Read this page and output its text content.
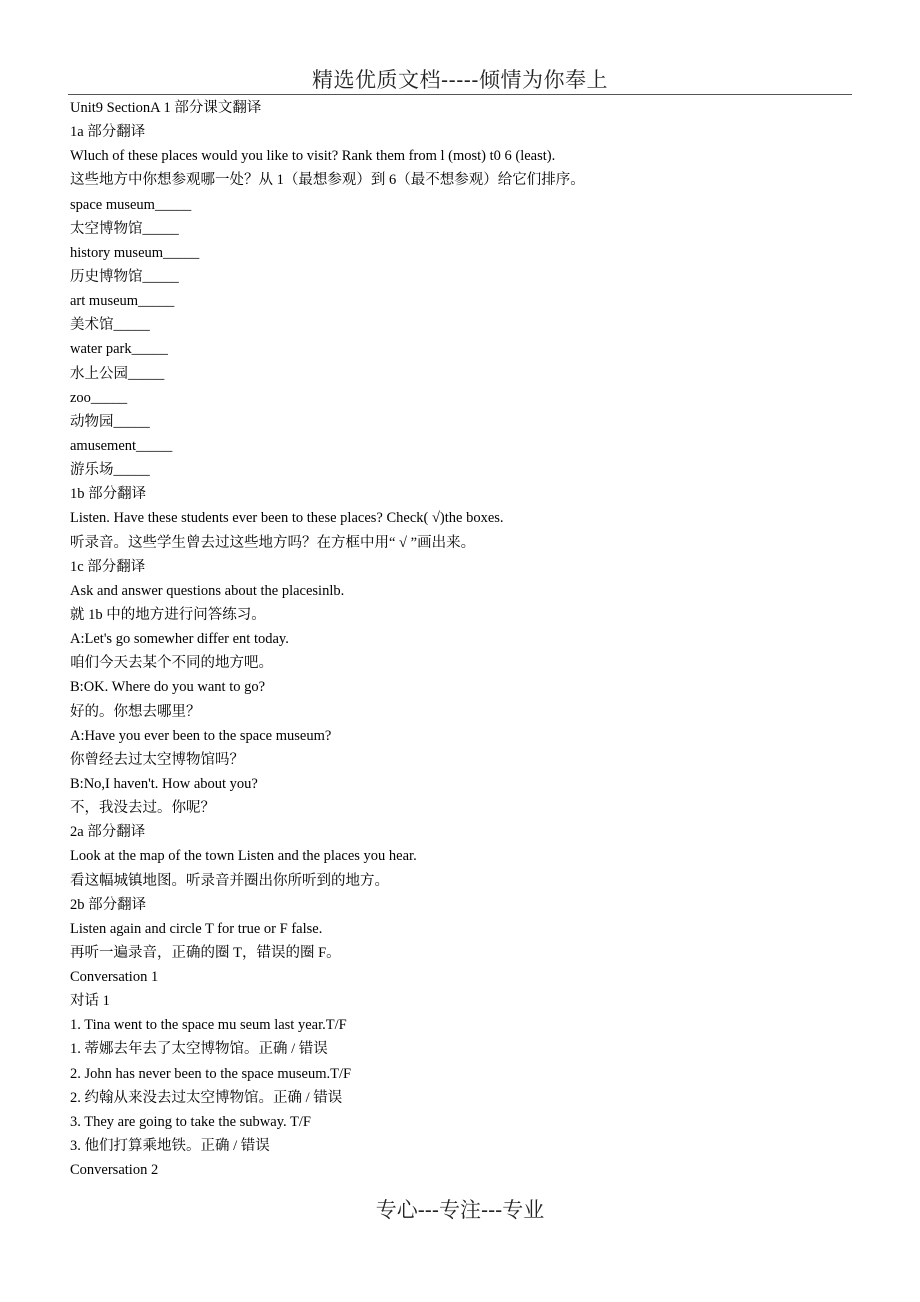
精选优质文档-----倾情为你奉上
Unit9 SectionA 1 部分课文翻译
1a 部分翻译
Wluch of these places would you like to visit? Rank them from l (most) t0 6 (least).
这些地方中你想参观哪一处？从 1（最想参观）到 6（最不想参观）给它们排序。
space museum_____
太空博物馆_____
history museum_____
历史博物馆_____
art museum_____
美术馆_____
water park_____
水上公园_____
zoo_____
动物园_____
amusement_____
游乐场_____
1b 部分翻译
Listen. Have these students ever been to these places? Check( √)the boxes.
听录音。这些学生曾去过这些地方吗？在方框中用“ √ ”画出来。
1c 部分翻译
Ask and answer questions about the placesinlb.
就 1b 中的地方进行问答练习。
A:Let's go somewher differ ent today.
咱们今天去某个不同的地方吧。
B:OK. Where do you want to go?
好的。你想去哪里？
A:Have you ever been to the space museum?
你曾经去过太空博物馆吗？
B:No,I haven't. How about you?
不，我没去过。你呢？
2a 部分翻译
Look at the map of the town Listen and the places you hear.
看这幅城镇地图。听录音并圈出你所听到的地方。
2b 部分翻译
Listen again and circle T for true or F false.
再听一遍录音，正确的圈 T，错误的圈 F。
Conversation 1
对话 1
1. Tina went to the space mu seum last year.T/F
1. 蒂娜去年去了太空博物馆。正确 / 错误
2. John has never been to the space museum.T/F
2. 约翰从来没去过太空博物馆。正确 / 错误
3. They are going to take the subway. T/F
3. 他们打算乘地铁。正确 / 错误
Conversation 2
专心---专注---专业
